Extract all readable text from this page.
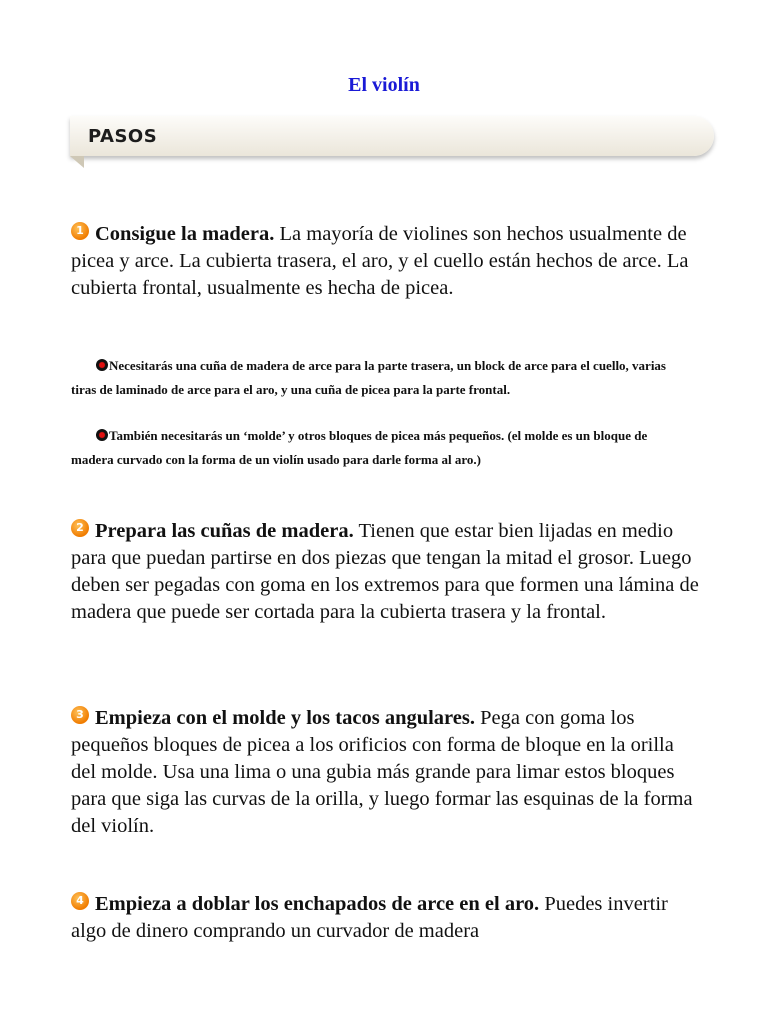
El violín
PASOS
1 Consigue la madera. La mayoría de violines son hechos usualmente de picea y arce. La cubierta trasera, el aro, y el cuello están hechos de arce. La cubierta frontal, usualmente es hecha de picea.
Necesitarás una cuña de madera de arce para la parte trasera, un block de arce para el cuello, varias tiras de laminado de arce para el aro, y una cuña de picea para la parte frontal.
También necesitarás un ‘molde’ y otros bloques de picea más pequeños. (el molde es un bloque de madera curvado con la forma de un violín usado para darle forma al aro.)
2 Prepara las cuñas de madera. Tienen que estar bien lijadas en medio para que puedan partirse en dos piezas que tengan la mitad el grosor. Luego deben ser pegadas con goma en los extremos para que formen una lámina de madera que puede ser cortada para la cubierta trasera y la frontal.
3 Empieza con el molde y los tacos angulares. Pega con goma los pequeños bloques de picea a los orificios con forma de bloque en la orilla del molde. Usa una lima o una gubia más grande para limar estos bloques para que siga las curvas de la orilla, y luego formar las esquinas de la forma del violín.
4 Empieza a doblar los enchapados de arce en el aro. Puedes invertir algo de dinero comprando un curvador de madera
